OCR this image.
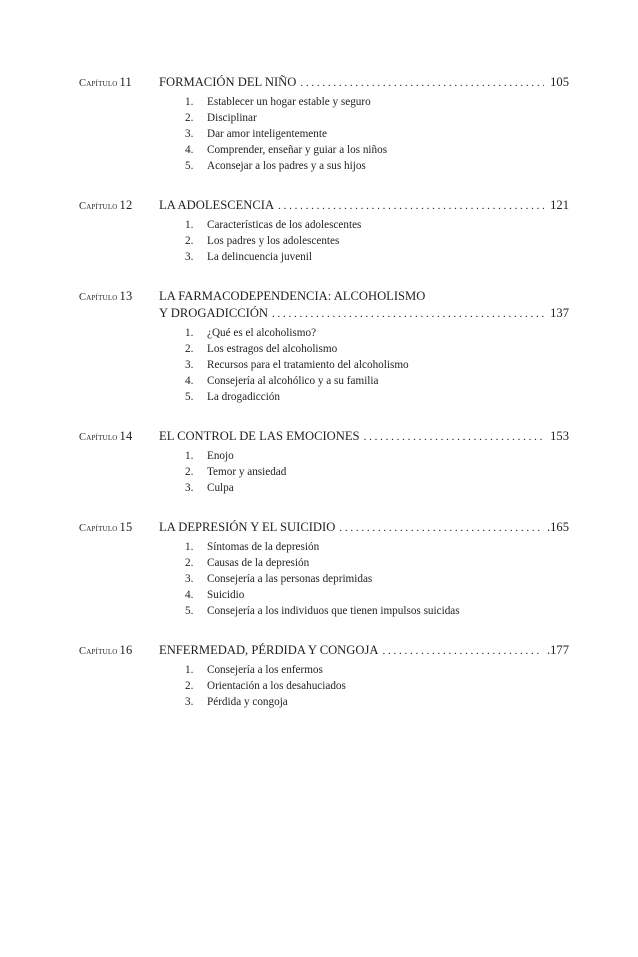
Capítulo 11	FORMACIÓN DEL NIÑO . . .	105
1.	Establecer un hogar estable y seguro
2.	Disciplinar
3.	Dar amor inteligentemente
4.	Comprender, enseñar y guiar a los niños
5.	Aconsejar a los padres y a sus hijos
Capítulo 12	LA ADOLESCENCIA . . .	121
1.	Características de los adolescentes
2.	Los padres y los adolescentes
3.	La delincuencia juvenil
Capítulo 13	LA FARMACODEPENDENCIA: ALCOHOLISMO
Y DROGADICCIÓN . . .	137
1.	¿Qué es el alcoholismo?
2.	Los estragos del alcoholismo
3.	Recursos para el tratamiento del alcoholismo
4.	Consejería al alcohólico y a su familia
5.	La drogadicción
Capítulo 14	EL CONTROL DE LAS EMOCIONES . . .	153
1.	Enojo
2.	Temor y ansiedad
3.	Culpa
Capítulo 15	LA DEPRESIÓN Y EL SUICIDIO . . .	.165
1.	Síntomas de la depresión
2.	Causas de la depresión
3.	Consejería a las personas deprimidas
4.	Suicidio
5.	Consejería a los individuos que tienen impulsos suicidas
Capítulo 16	ENFERMEDAD, PÉRDIDA Y CONGOJA . . .	.177
1.	Consejería a los enfermos
2.	Orientación a los desahuciados
3.	Pérdida y congoja
